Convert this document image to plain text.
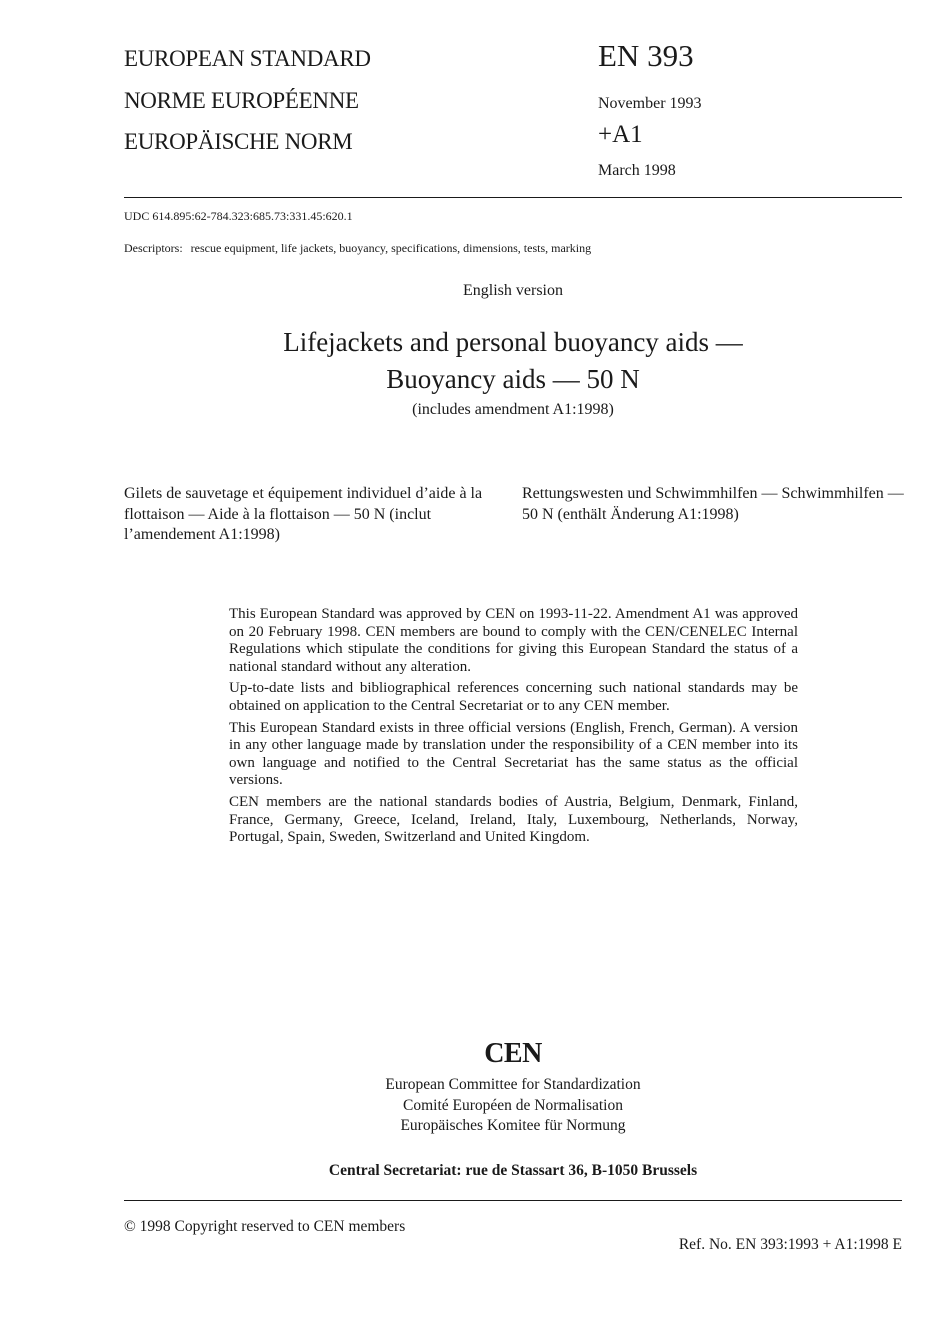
EUROPEAN STANDARD
NORME EUROPÉENNE
EUROPÄISCHE NORM
EN 393
November 1993
+A1
March 1998
UDC 614.895:62-784.323:685.73:331.45:620.1
Descriptors: rescue equipment, life jackets, buoyancy, specifications, dimensions, tests, marking
English version
Lifejackets and personal buoyancy aids —
Buoyancy aids — 50 N
(includes amendment A1:1998)
Gilets de sauvetage et équipement individuel d’aide à la flottaison — Aide à la flottaison — 50 N (inclut l’amendement A1:1998)
Rettungswesten und Schwimmhilfen — Schwimmhilfen — 50 N (enthält Änderung A1:1998)

This European Standard was approved by CEN on 1993-11-22. Amendment A1 was approved on 20 February 1998. CEN members are bound to comply with the CEN/CENELEC Internal Regulations which stipulate the conditions for giving this European Standard the status of a national standard without any alteration.

Up-to-date lists and bibliographical references concerning such national standards may be obtained on application to the Central Secretariat or to any CEN member.

This European Standard exists in three official versions (English, French, German). A version in any other language made by translation under the responsibility of a CEN member into its own language and notified to the Central Secretariat has the same status as the official versions.

CEN members are the national standards bodies of Austria, Belgium, Denmark, Finland, France, Germany, Greece, Iceland, Ireland, Italy, Luxembourg, Netherlands, Norway, Portugal, Spain, Sweden, Switzerland and United Kingdom.

CEN
European Committee for Standardization
Comité Européen de Normalisation
Europäisches Komitee für Normung
Central Secretariat: rue de Stassart 36, B-1050 Brussels
© 1998 Copyright reserved to CEN members
Ref. No. EN 393:1993 + A1:1998 E
